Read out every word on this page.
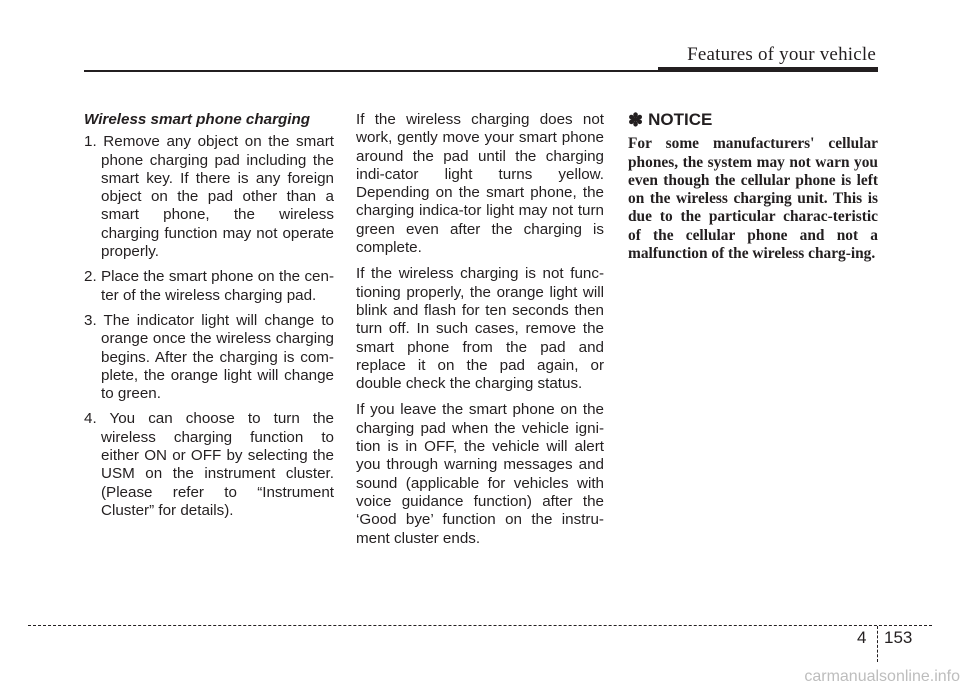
Features of your vehicle
Wireless smart phone charging
1. Remove any object on the smart phone charging pad including the smart key. If there is any foreign object on the pad other than a smart phone, the wireless charging function may not operate properly.
2. Place the smart phone on the cen-ter of the wireless charging pad.
3. The indicator light will change to orange once the wireless charging begins. After the charging is com-plete, the orange light will change to green.
4. You can choose to turn the wireless charging function to either ON or OFF by selecting the USM on the instrument cluster. (Please refer to “Instrument Cluster” for details).

If the wireless charging does not work, gently move your smart phone around the pad until the charging indi-cator light turns yellow. Depending on the smart phone, the charging indica-tor light may not turn green even after the charging is complete.

If the wireless charging is not func-tioning properly, the orange light will blink and flash for ten seconds then turn off. In such cases, remove the smart phone from the pad and replace it on the pad again, or double check the charging status.

If you leave the smart phone on the charging pad when the vehicle igni-tion is in OFF, the vehicle will alert you through warning messages and sound (applicable for vehicles with voice guidance function) after the ‘Good bye’ function on the instru-ment cluster ends.

✽ NOTICE

For some manufacturers' cellular phones, the system may not warn you even though the cellular phone is left on the wireless charging unit. This is due to the particular charac-teristic of the cellular phone and not a malfunction of the wireless charg-ing.

4 153
carmanualsonline.info
